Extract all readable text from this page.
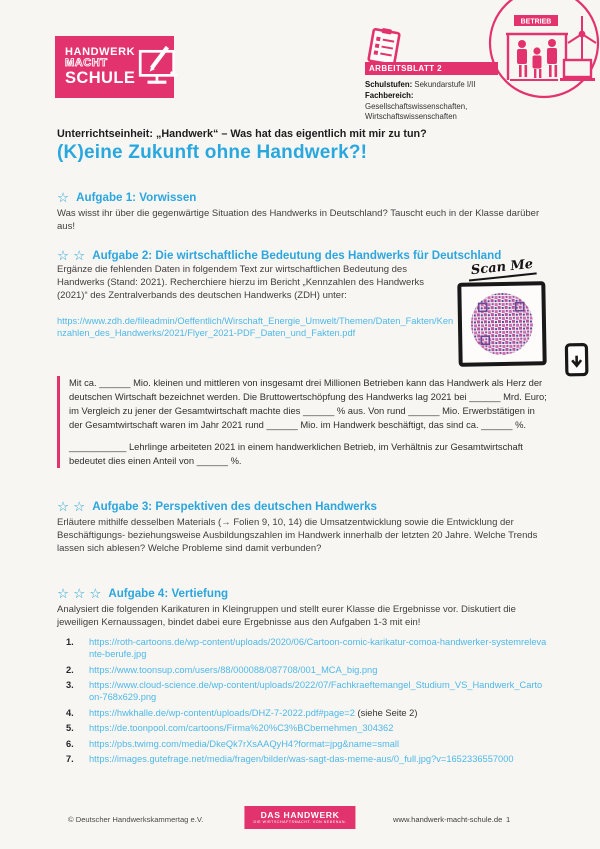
HANDWERK
MACHT
SCHULE
ARBEITSBLATT 2
Schulstufen: Sekundarstufe I/II
Fachbereich:
Gesellschaftswissenschaften,
Wirtschaftswissenschaften
BETRIEB
Unterrichtseinheit: „Handwerk“ – Was hat das eigentlich mit mir zu tun?
(K)eine Zukunft ohne Handwerk?!
☆ Aufgabe 1: Vorwissen
Was wisst ihr über die gegenwärtige Situation des Handwerks in Deutschland? Tauscht euch in der Klasse darüber aus!
☆ ☆ Aufgabe 2: Die wirtschaftliche Bedeutung des Handwerks für Deutschland
Ergänze die fehlenden Daten in folgendem Text zur wirtschaftlichen Bedeutung des Handwerks (Stand: 2021). Recherchiere hierzu im Bericht „Kennzahlen des Handwerks (2021)“ des Zentralverbands des deutschen Handwerks (ZDH) unter:
https://www.zdh.de/fileadmin/Oeffentlich/Wirschaft_Energie_Umwelt/Themen/Daten_Fakten/Kennzahlen_des_Handwerks/2021/Flyer_2021-PDF_Daten_und_Fakten.pdf
Scan Me

Mit ca. ______ Mio. kleinen und mittleren von insgesamt drei Millionen Betrieben kann das Handwerk als Herz der deutschen Wirtschaft bezeichnet werden. Die Bruttowertschöpfung des Handwerks lag 2021 bei ______ Mrd. Euro; im Vergleich zu jener der Gesamtwirtschaft machte dies ______ % aus. Von rund ______ Mio. Erwerbstätigen in der Gesamtwirtschaft waren im Jahr 2021 rund ______ Mio. im Handwerk beschäftigt, das sind ca. ______ %.

___________ Lehrlinge arbeiteten 2021 in einem handwerklichen Betrieb, im Verhältnis zur Gesamtwirtschaft bedeutet dies einen Anteil von ______ %.

☆ ☆ Aufgabe 3: Perspektiven des deutschen Handwerks
Erläutere mithilfe desselben Materials (→ Folien 9, 10, 14) die Umsatzentwicklung sowie die Entwicklung der Beschäftigungs- beziehungsweise Ausbildungszahlen im Handwerk innerhalb der letzten 20 Jahre. Welche Trends lassen sich ablesen? Welche Probleme sind damit verbunden?
☆ ☆ ☆ Aufgabe 4: Vertiefung
Analysiert die folgenden Karikaturen in Kleingruppen und stellt eurer Klasse die Ergebnisse vor. Diskutiert die jeweiligen Kernaussagen, bindet dabei eure Ergebnisse aus den Aufgaben 1-3 mit ein!
https://roth-cartoons.de/wp-content/uploads/2020/06/Cartoon-comic-karikatur-comoa-handwerker-systemrelevante-berufe.jpg
https://www.toonsup.com/users/88/000088/087708/001_MCA_big.png
https://www.cloud-science.de/wp-content/uploads/2022/07/Fachkraeftemangel_Studium_VS_Handwerk_Cartoon-768x629.png
https://hwkhalle.de/wp-content/uploads/DHZ-7-2022.pdf#page=2 (siehe Seite 2)
https://de.toonpool.com/cartoons/Firma%20%C3%BCbernehmen_304362
https://pbs.twimg.com/media/DkeQk7rXsAAQyH4?format=jpg&name=small
https://images.gutefrage.net/media/fragen/bilder/was-sagt-das-meme-aus/0_full.jpg?v=1652336557000
© Deutscher Handwerkskammertag e.V.	DAS HANDWERK
DIE WIRTSCHAFTSMACHT. VON NEBENAN.	www.handwerk-macht-schule.de 1
